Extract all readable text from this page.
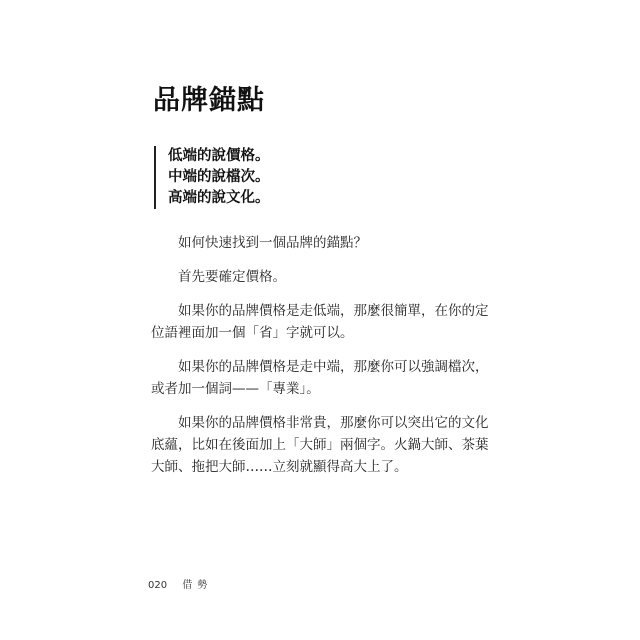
品牌錨點
低端的說價格。
中端的說檔次。
高端的說文化。

如何快速找到一個品牌的錨點？

首先要確定價格。

如果你的品牌價格是走低端，那麼很簡單，在你的定位語裡面加一個「省」字就可以。

如果你的品牌價格是走中端，那麼你可以強調檔次，或者加一個詞——「專業」。

如果你的品牌價格非常貴，那麼你可以突出它的文化底蘊，比如在後面加上「大師」兩個字。火鍋大師、茶葉大師、拖把大師……立刻就顯得高大上了。

020 借勢
